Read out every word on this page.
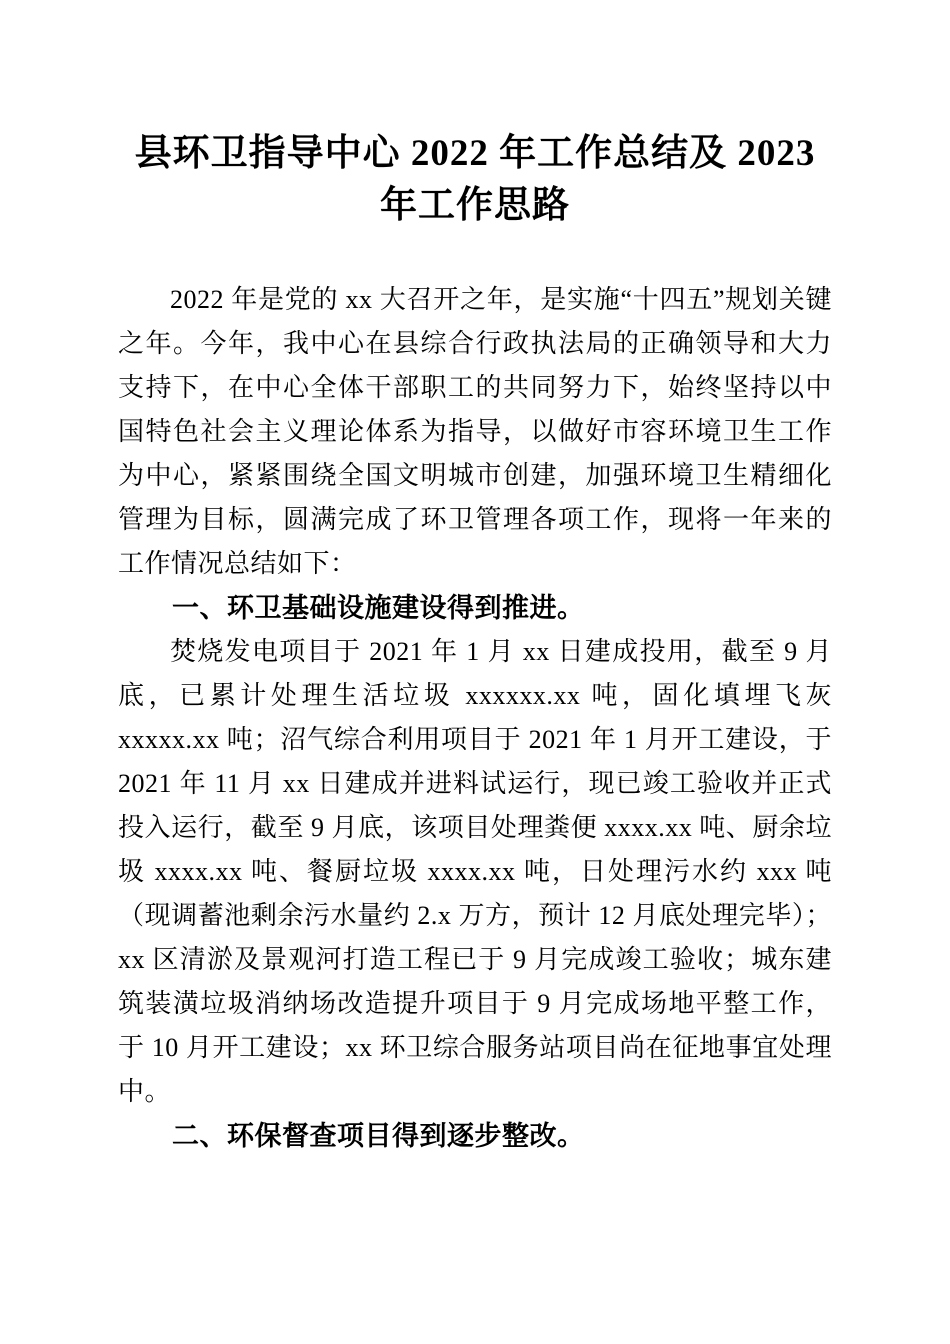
县环卫指导中心 2022 年工作总结及 2023 年工作思路

2022 年是党的 xx 大召开之年，是实施“十四五”规划关键之年。今年，我中心在县综合行政执法局的正确领导和大力支持下，在中心全体干部职工的共同努力下，始终坚持以中国特色社会主义理论体系为指导，以做好市容环境卫生工作为中心，紧紧围绕全国文明城市创建，加强环境卫生精细化管理为目标，圆满完成了环卫管理各项工作，现将一年来的工作情况总结如下：

一、环卫基础设施建设得到推进。

焚烧发电项目于 2021 年 1 月 xx 日建成投用，截至 9 月底，已累计处理生活垃圾 xxxxxx.xx 吨，固化填埋飞灰 xxxxx.xx 吨；沼气综合利用项目于 2021 年 1 月开工建设，于 2021 年 11 月 xx 日建成并进料试运行，现已竣工验收并正式投入运行，截至 9 月底，该项目处理粪便 xxxx.xx 吨、厨余垃圾 xxxx.xx 吨、餐厨垃圾 xxxx.xx 吨，日处理污水约 xxx 吨（现调蓄池剩余污水量约 2.x 万方，预计 12 月底处理完毕）；xx 区清淤及景观河打造工程已于 9 月完成竣工验收；城东建筑装潢垃圾消纳场改造提升项目于 9 月完成场地平整工作，于 10 月开工建设；xx 环卫综合服务站项目尚在征地事宜处理中。

二、环保督查项目得到逐步整改。
